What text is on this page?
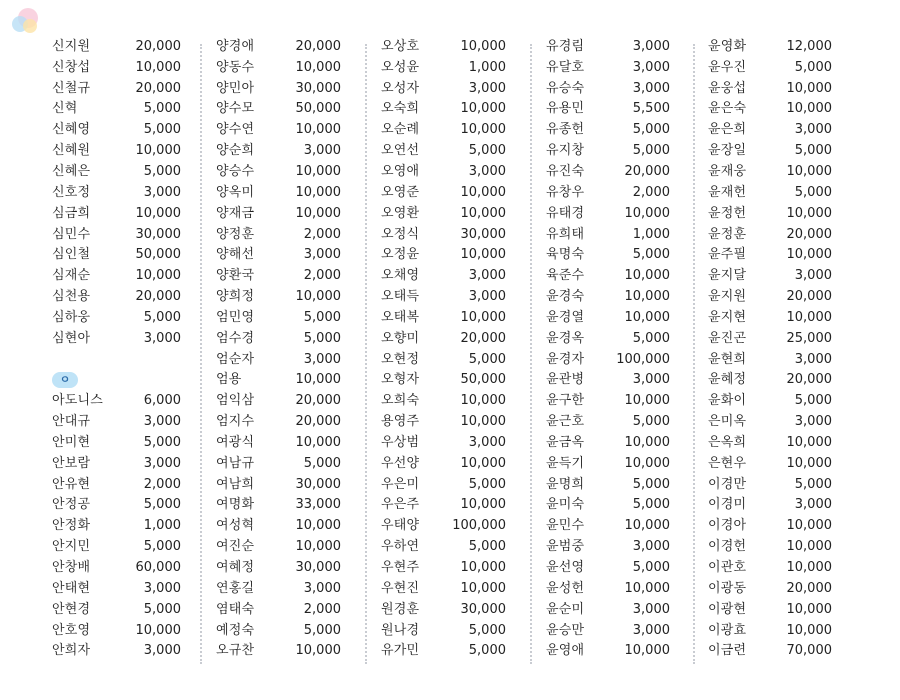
신지원	20,000
신창섭	10,000
신철규	20,000
신혁	5,000
신혜영	5,000
신혜원	10,000
신혜은	5,000
신호정	3,000
심금희	10,000
심민수	30,000
심인철	50,000
심재순	10,000
심천용	20,000
심하웅	5,000
심현아	3,000
ㅇ
아도니스	6,000
안대규	3,000
안미현	5,000
안보람	3,000
안유현	2,000
안정공	5,000
안정화	1,000
안지민	5,000
안창배	60,000
안태현	3,000
안현경	5,000
안호영	10,000
안희자	3,000
양경애	20,000
양동수	10,000
양민아	30,000
양수모	50,000
양수연	10,000
양순희	3,000
양승수	10,000
양옥미	10,000
양재금	10,000
양정훈	2,000
양해선	3,000
양환국	2,000
양희정	10,000
엄민영	5,000
엄수경	5,000
엄순자	3,000
엄용	10,000
엄익삼	20,000
엄지수	20,000
여광식	10,000
여남규	5,000
여남희	30,000
여명화	33,000
여성혁	10,000
여진순	10,000
여혜정	30,000
연홍길	3,000
염태숙	2,000
예정숙	5,000
오규찬	10,000
오상호	10,000
오성윤	1,000
오성자	3,000
오숙희	10,000
오순례	10,000
오연선	5,000
오영애	3,000
오영준	10,000
오영환	10,000
오정식	30,000
오정윤	10,000
오채영	3,000
오태득	3,000
오태복	10,000
오향미	20,000
오현정	5,000
오형자	50,000
오희숙	10,000
용영주	10,000
우상범	3,000
우선양	10,000
우은미	5,000
우은주	10,000
우태양	100,000
우하연	5,000
우현주	10,000
우현진	10,000
원경훈	30,000
원나경	5,000
유가민	5,000
유경림	3,000
유달호	3,000
유승숙	3,000
유용민	5,500
유종헌	5,000
유지창	5,000
유진숙	20,000
유창우	2,000
유태경	10,000
유희태	1,000
육명숙	5,000
육준수	10,000
윤경숙	10,000
윤경열	10,000
윤경옥	5,000
윤경자	100,000
윤관병	3,000
윤구한	10,000
윤근호	5,000
윤금옥	10,000
윤득기	10,000
윤명희	5,000
윤미숙	5,000
윤민수	10,000
윤범중	3,000
윤선영	5,000
윤성헌	10,000
윤순미	3,000
윤승만	3,000
윤영애	10,000
윤영화	12,000
윤우진	5,000
윤웅섭	10,000
윤은숙	10,000
윤은희	3,000
윤장일	5,000
윤재웅	10,000
윤재헌	5,000
윤정헌	10,000
윤정훈	20,000
윤주필	10,000
윤지달	3,000
윤지원	20,000
윤지현	10,000
윤진곤	25,000
윤현희	3,000
윤혜정	20,000
윤화이	5,000
은미옥	3,000
은옥희	10,000
은현우	10,000
이경만	5,000
이경미	3,000
이경아	10,000
이경헌	10,000
이관호	10,000
이광동	20,000
이광현	10,000
이광효	10,000
이금련	70,000
